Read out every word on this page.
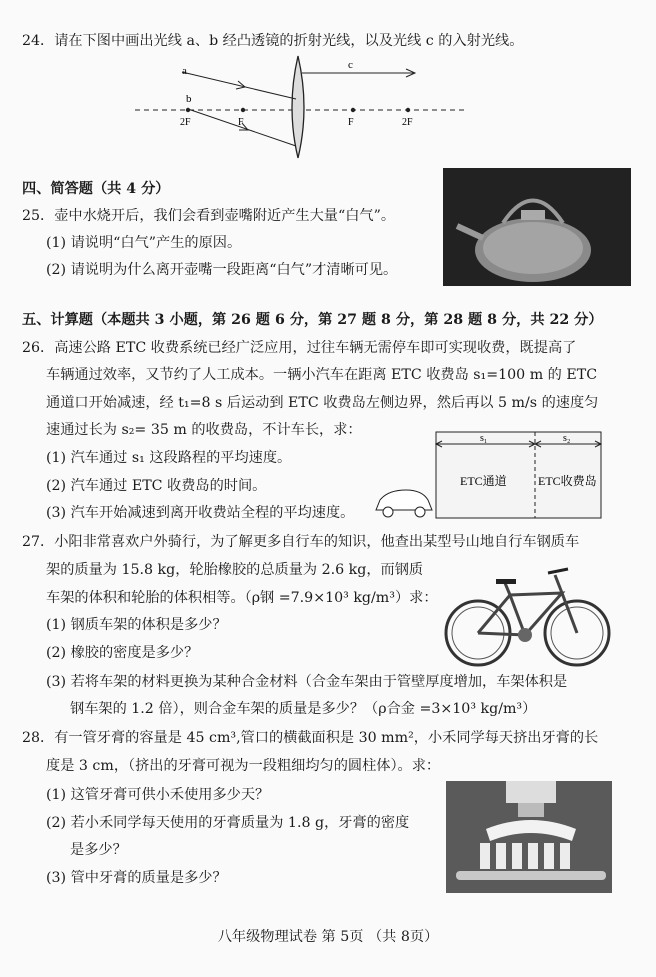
24．请在下图中画出光线 a、b 经凸透镜的折射光线，以及光线 c 的入射光线。
a
b
c
2F	F	F	2F
四、简答题（共 4 分）
25．壶中水烧开后，我们会看到壶嘴附近产生大量“白气”。
(1) 请说明“白气”产生的原因。
(2) 请说明为什么离开壶嘴一段距离“白气”才清晰可见。
五、计算题（本题共 3 小题，第 26 题 6 分，第 27 题 8 分，第 28 题 8 分，共 22 分）
26．高速公路 ETC 收费系统已经广泛应用，过往车辆无需停车即可实现收费，既提高了
车辆通过效率，又节约了人工成本。一辆小汽车在距离 ETC 收费岛 s₁=100 m 的 ETC
通道口开始减速，经 t₁=8 s 后运动到 ETC 收费岛左侧边界，然后再以 5 m/s 的速度匀
速通过长为 s₂= 35 m 的收费岛，不计车长，求：
(1) 汽车通过 s₁ 这段路程的平均速度。
(2) 汽车通过 ETC 收费岛的时间。
(3) 汽车开始减速到离开收费站全程的平均速度。
s₁	s₂
ETC通道	ETC收费岛
27．小阳非常喜欢户外骑行，为了解更多自行车的知识，他查出某型号山地自行车钢质车
架的质量为 15.8 kg，轮胎橡胶的总质量为 2.6 kg，而钢质
车架的体积和轮胎的体积相等。（ρ钢 =7.9×10³ kg/m³）求：
(1) 钢质车架的体积是多少？
(2) 橡胶的密度是多少？
(3) 若将车架的材料更换为某种合金材料（合金车架由于管壁厚度增加，车架体积是
钢车架的 1.2 倍），则合金车架的质量是多少？（ρ合金 =3×10³ kg/m³）
28．有一管牙膏的容量是 45 cm³,管口的横截面积是 30 mm²，小禾同学每天挤出牙膏的长
度是 3 cm，（挤出的牙膏可视为一段粗细均匀的圆柱体）。求：
(1) 这管牙膏可供小禾使用多少天？
(2) 若小禾同学每天使用的牙膏质量为 1.8 g，牙膏的密度
是多少？
(3) 管中牙膏的质量是多少？
八年级物理试卷 第 5页 （共 8页）
